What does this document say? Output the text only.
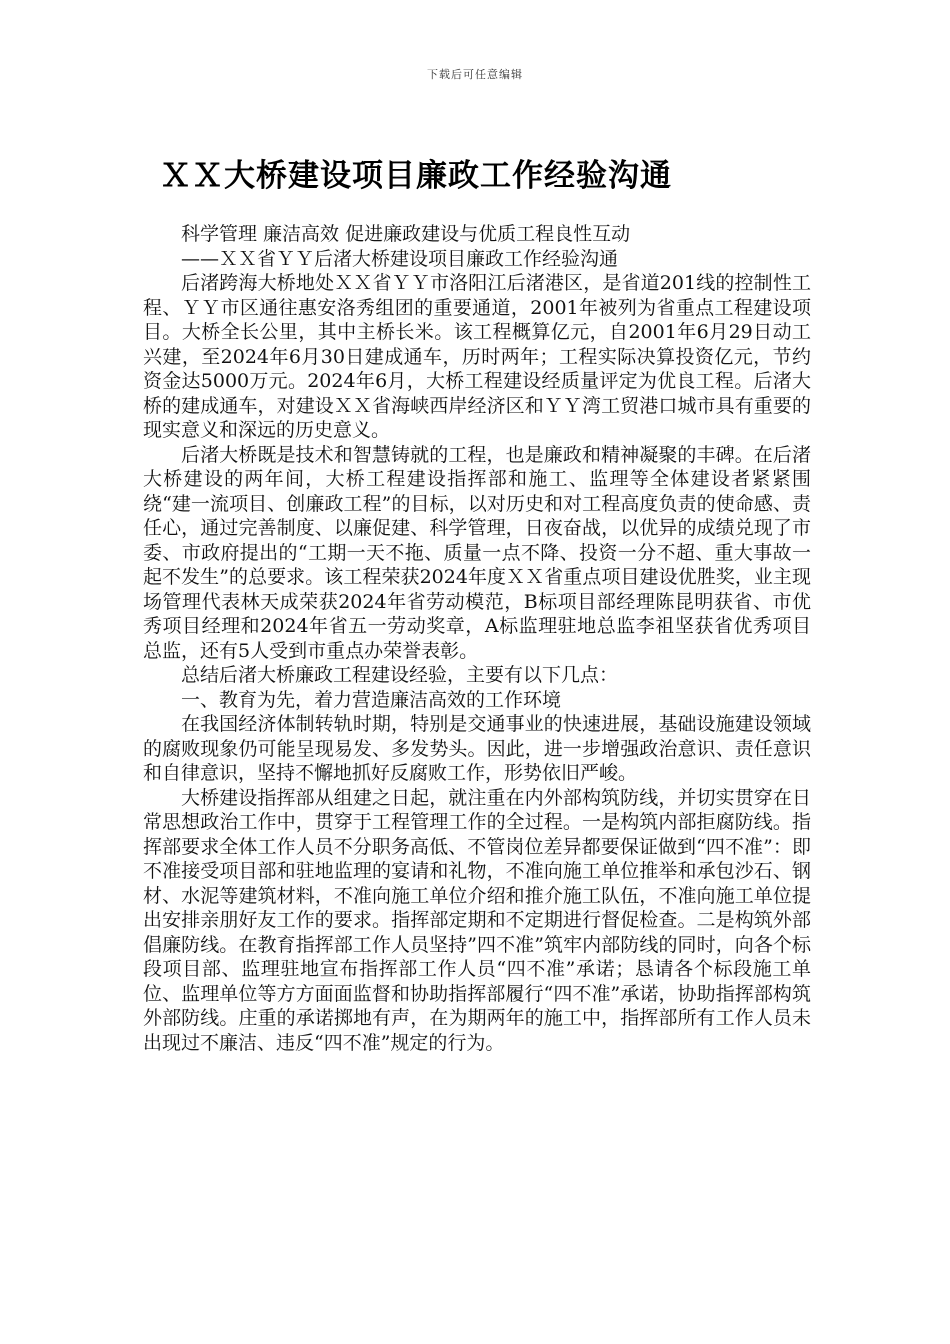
下载后可任意编辑
ＸＸ大桥建设项目廉政工作经验沟通

科学管理 廉洁高效 促进廉政建设与优质工程良性互动

——ＸＸ省ＹＹ后渚大桥建设项目廉政工作经验沟通

后渚跨海大桥地处ＸＸ省ＹＹ市洛阳江后渚港区，是省道201线的控制性工程、ＹＹ市区通往惠安洛秀组团的重要通道，2001年被列为省重点工程建设项目。大桥全长公里，其中主桥长米。该工程概算亿元，自2001年6月29日动工兴建，至2024年6月30日建成通车，历时两年；工程实际决算投资亿元，节约资金达5000万元。2024年6月，大桥工程建设经质量评定为优良工程。后渚大桥的建成通车，对建设ＸＸ省海峡西岸经济区和ＹＹ湾工贸港口城市具有重要的现实意义和深远的历史意义。

后渚大桥既是技术和智慧铸就的工程，也是廉政和精神凝聚的丰碑。在后渚大桥建设的两年间，大桥工程建设指挥部和施工、监理等全体建设者紧紧围绕“建一流项目、创廉政工程”的目标，以对历史和对工程高度负责的使命感、责任心，通过完善制度、以廉促建、科学管理，日夜奋战，以优异的成绩兑现了市委、市政府提出的“工期一天不拖、质量一点不降、投资一分不超、重大事故一起不发生”的总要求。该工程荣获2024年度ＸＸ省重点项目建设优胜奖，业主现场管理代表林天成荣获2024年省劳动模范，B标项目部经理陈昆明获省、市优秀项目经理和2024年省五一劳动奖章，A标监理驻地总监李祖坚获省优秀项目总监，还有5人受到市重点办荣誉表彰。

总结后渚大桥廉政工程建设经验，主要有以下几点：

一、教育为先，着力营造廉洁高效的工作环境

在我国经济体制转轨时期，特别是交通事业的快速进展，基础设施建设领域的腐败现象仍可能呈现易发、多发势头。因此，进一步增强政治意识、责任意识和自律意识，坚持不懈地抓好反腐败工作，形势依旧严峻。

大桥建设指挥部从组建之日起，就注重在内外部构筑防线，并切实贯穿在日常思想政治工作中，贯穿于工程管理工作的全过程。一是构筑内部拒腐防线。指挥部要求全体工作人员不分职务高低、不管岗位差异都要保证做到“四不准”：即不准接受项目部和驻地监理的宴请和礼物，不准向施工单位推举和承包沙石、钢材、水泥等建筑材料，不准向施工单位介绍和推介施工队伍，不准向施工单位提出安排亲朋好友工作的要求。指挥部定期和不定期进行督促检查。二是构筑外部倡廉防线。在教育指挥部工作人员坚持”四不准”筑牢内部防线的同时，向各个标段项目部、监理驻地宣布指挥部工作人员“四不准”承诺；恳请各个标段施工单位、监理单位等方方面面监督和协助指挥部履行“四不准”承诺，协助指挥部构筑外部防线。庄重的承诺掷地有声，在为期两年的施工中，指挥部所有工作人员未出现过不廉洁、违反“四不准”规定的行为。
